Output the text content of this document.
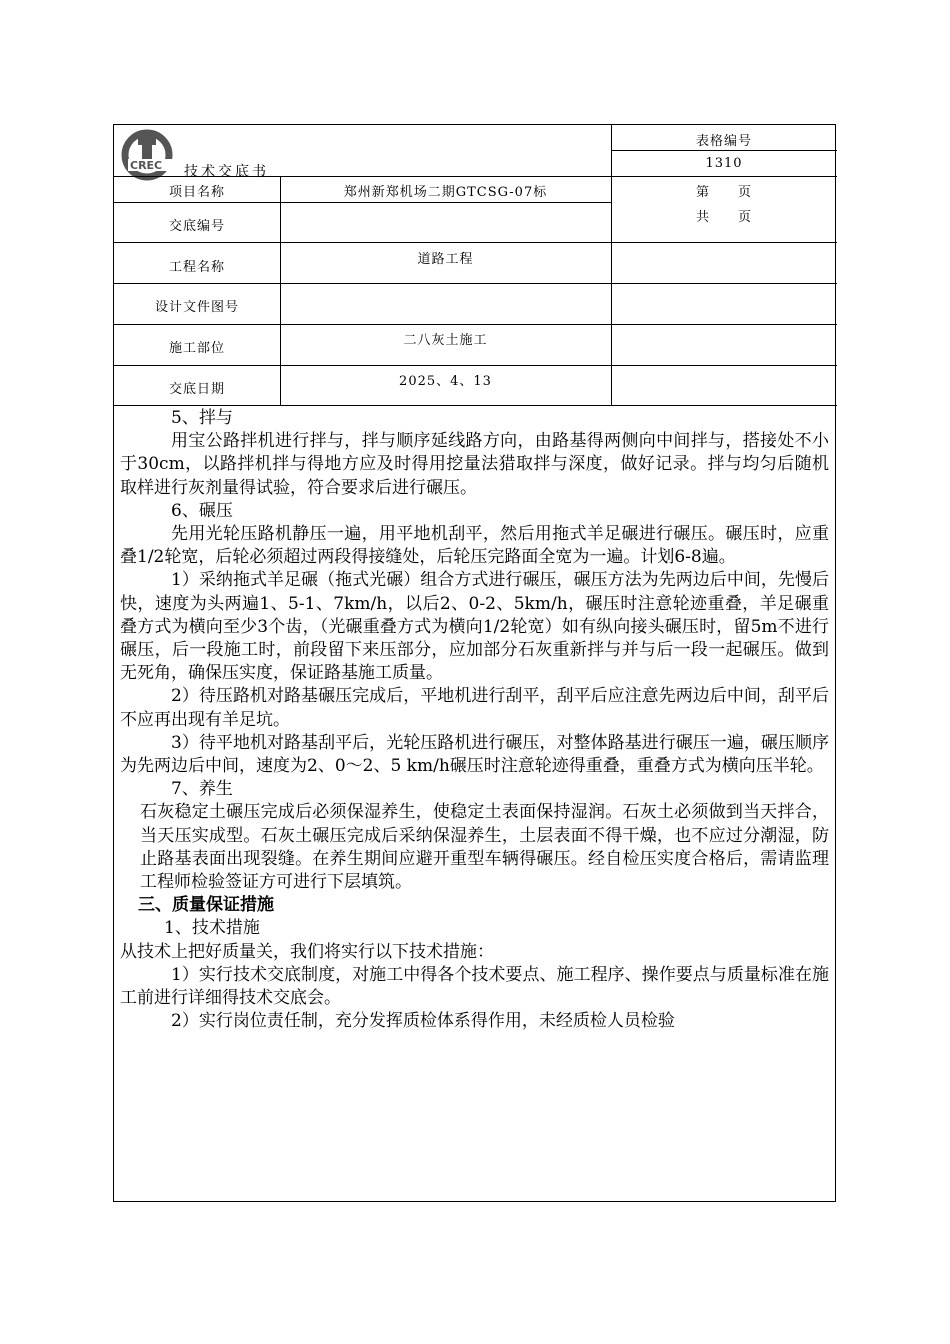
CREC 技术交底书
表格编号
1310
第　　页
共　　页
项目名称	郑州新郑机场二期GTCSG-07标
交底编号
工程名称
道路工程
设计文件图号
施工部位
二八灰土施工
交底日期
2025、4、13

5、拌与

用宝公路拌机进行拌与，拌与顺序延线路方向，由路基得两侧向中间拌与，搭接处不小于30cm，以路拌机拌与得地方应及时得用挖量法猎取拌与深度，做好记录。拌与均匀后随机取样进行灰剂量得试验，符合要求后进行碾压。

6、碾压

先用光轮压路机静压一遍，用平地机刮平，然后用拖式羊足碾进行碾压。碾压时，应重叠1/2轮宽，后轮必须超过两段得接缝处，后轮压完路面全宽为一遍。计划6-8遍。

1）采纳拖式羊足碾（拖式光碾）组合方式进行碾压，碾压方法为先两边后中间，先慢后快，速度为头两遍1、5-1、7km/h，以后2、0-2、5km/h，碾压时注意轮迹重叠，羊足碾重叠方式为横向至少3个齿，（光碾重叠方式为横向1/2轮宽）如有纵向接头碾压时，留5m不进行碾压，后一段施工时，前段留下来压部分，应加部分石灰重新拌与并与后一段一起碾压。做到无死角，确保压实度，保证路基施工质量。

2）待压路机对路基碾压完成后，平地机进行刮平，刮平后应注意先两边后中间，刮平后不应再出现有羊足坑。

3）待平地机对路基刮平后，光轮压路机进行碾压，对整体路基进行碾压一遍，碾压顺序为先两边后中间，速度为2、0～2、5 km/h碾压时注意轮迹得重叠，重叠方式为横向压半轮。

7、养生

石灰稳定土碾压完成后必须保湿养生，使稳定土表面保持湿润。石灰土必须做到当天拌合，当天压实成型。石灰土碾压完成后采纳保湿养生，土层表面不得干燥，也不应过分潮湿，防止路基表面出现裂缝。在养生期间应避开重型车辆得碾压。经自检压实度合格后，需请监理工程师检验签证方可进行下层填筑。

三、质量保证措施

1、技术措施

从技术上把好质量关，我们将实行以下技术措施：

1）实行技术交底制度，对施工中得各个技术要点、施工程序、操作要点与质量标准在施工前进行详细得技术交底会。

2）实行岗位责任制，充分发挥质检体系得作用，未经质检人员检验
